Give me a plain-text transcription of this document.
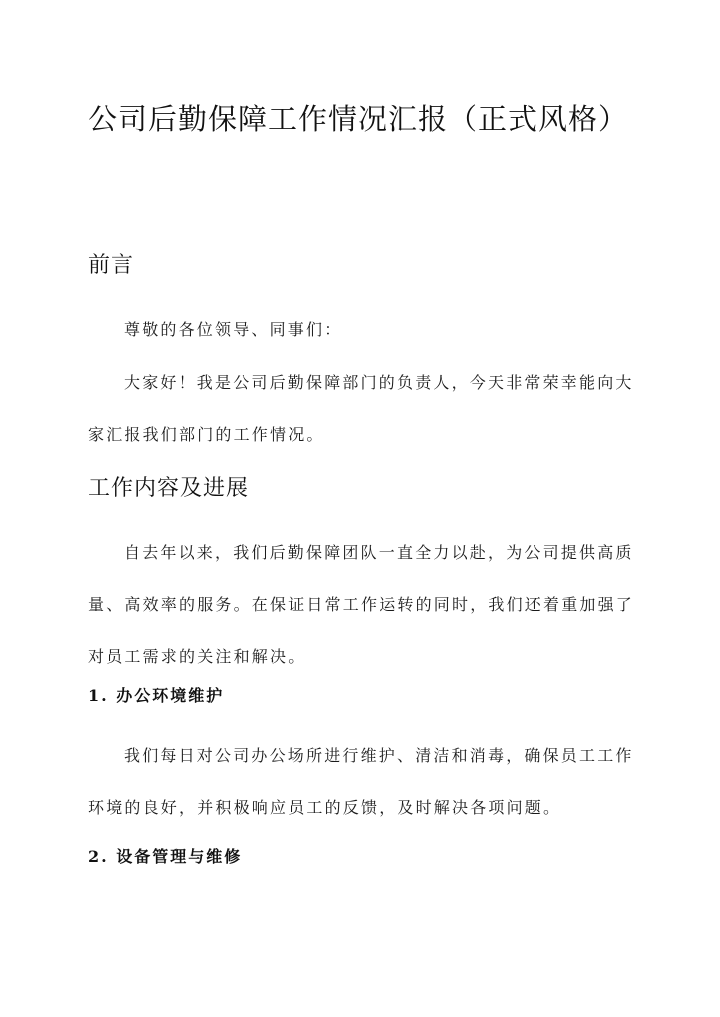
公司后勤保障工作情况汇报（正式风格）
前言
尊敬的各位领导、同事们：
大家好！我是公司后勤保障部门的负责人，今天非常荣幸能向大家汇报我们部门的工作情况。
工作内容及进展
自去年以来，我们后勤保障团队一直全力以赴，为公司提供高质量、高效率的服务。在保证日常工作运转的同时，我们还着重加强了对员工需求的关注和解决。
1. 办公环境维护
我们每日对公司办公场所进行维护、清洁和消毒，确保员工工作环境的良好，并积极响应员工的反馈，及时解决各项问题。
2. 设备管理与维修
